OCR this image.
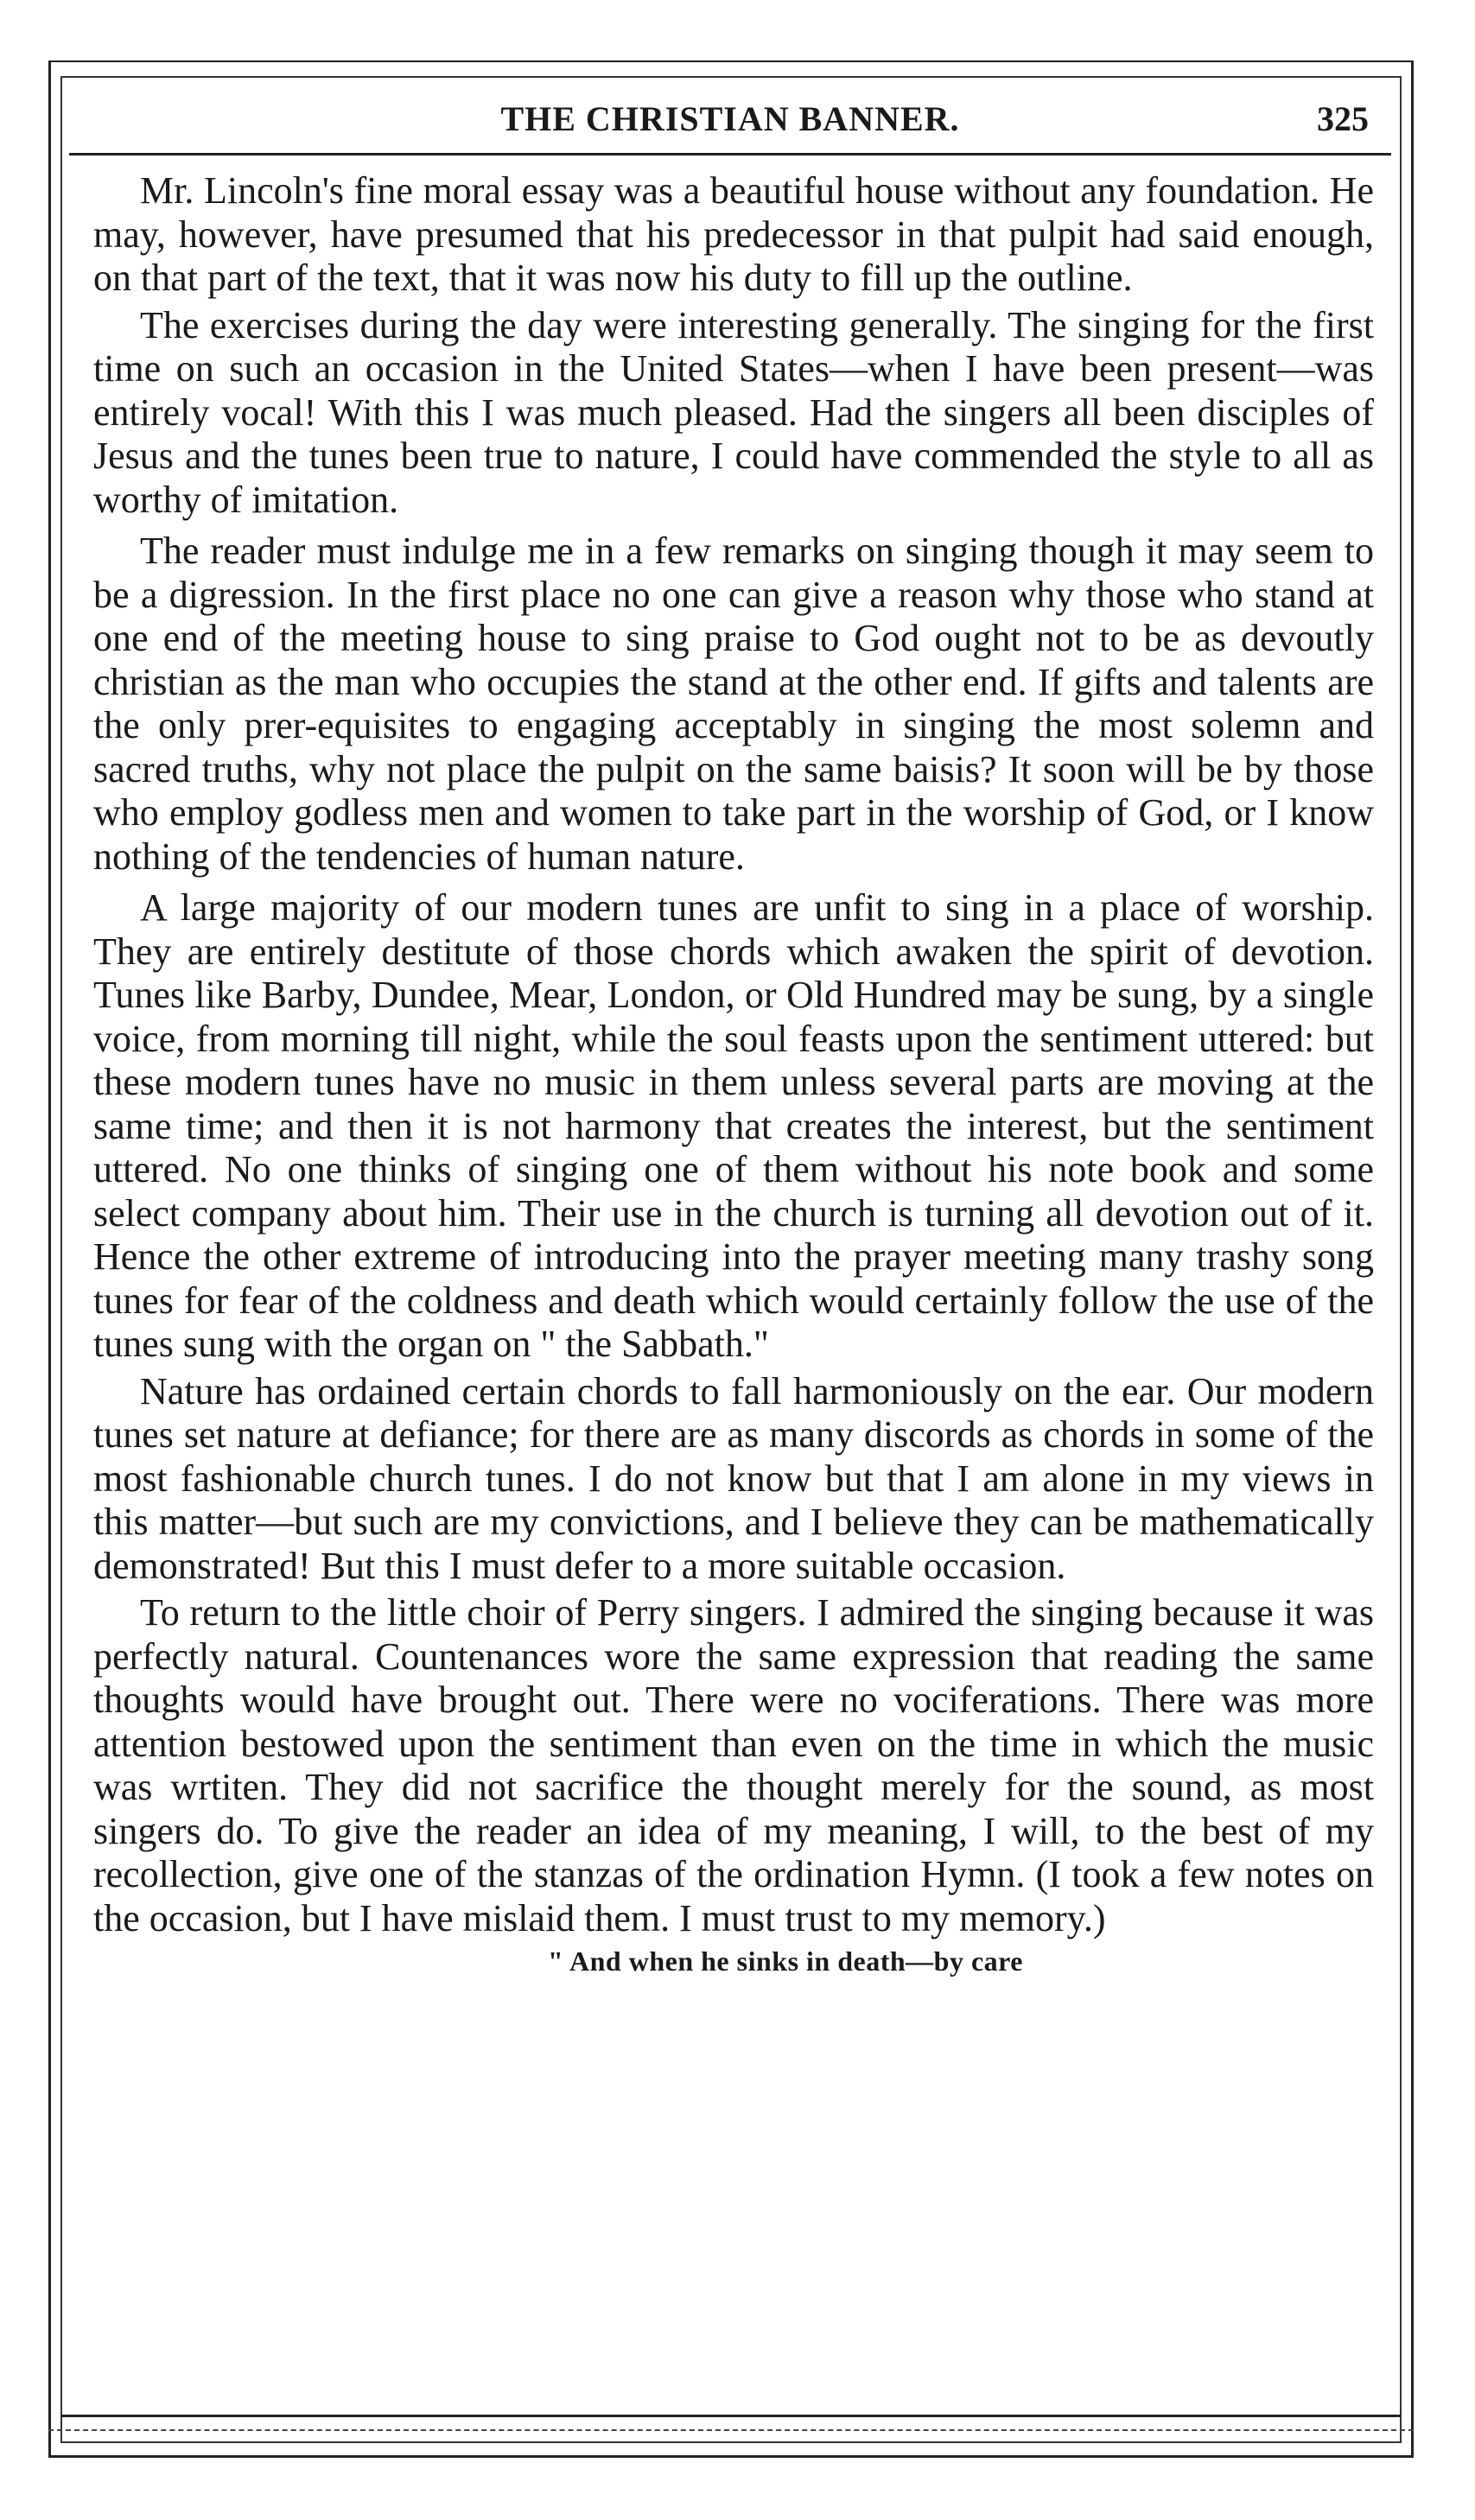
THE CHRISTIAN BANNER.	325

Mr. Lincoln's fine moral essay was a beautiful house without any foundation. He may, however, have presumed that his predecessor in that pulpit had said enough, on that part of the text, that it was now his duty to fill up the outline.

The exercises during the day were interesting generally. The singing for the first time on such an occasion in the United States—when I have been present—was entirely vocal! With this I was much pleased. Had the singers all been disciples of Jesus and the tunes been true to nature, I could have commended the style to all as worthy of imitation.

The reader must indulge me in a few remarks on singing though it may seem to be a digression. In the first place no one can give a reason why those who stand at one end of the meeting house to sing praise to God ought not to be as devoutly christian as the man who occupies the stand at the other end. If gifts and talents are the only prer-equisites to engaging acceptably in singing the most solemn and sacred truths, why not place the pulpit on the same baisis? It soon will be by those who employ godless men and women to take part in the worship of God, or I know nothing of the tendencies of human nature.

A large majority of our modern tunes are unfit to sing in a place of worship. They are entirely destitute of those chords which awaken the spirit of devotion. Tunes like Barby, Dundee, Mear, London, or Old Hundred may be sung, by a single voice, from morning till night, while the soul feasts upon the sentiment uttered: but these modern tunes have no music in them unless several parts are moving at the same time; and then it is not harmony that creates the interest, but the sentiment uttered. No one thinks of singing one of them without his note book and some select company about him. Their use in the church is turning all devotion out of it. Hence the other extreme of introducing into the prayer meeting many trashy song tunes for fear of the coldness and death which would certainly follow the use of the tunes sung with the organ on " the Sabbath."

Nature has ordained certain chords to fall harmoniously on the ear. Our modern tunes set nature at defiance; for there are as many discords as chords in some of the most fashionable church tunes. I do not know but that I am alone in my views in this matter—but such are my convictions, and I believe they can be mathematically demonstrated! But this I must defer to a more suitable occasion.

To return to the little choir of Perry singers. I admired the singing because it was perfectly natural. Countenances wore the same expression that reading the same thoughts would have brought out. There were no vociferations. There was more attention bestowed upon the sentiment than even on the time in which the music was wrtiten. They did not sacrifice the thought merely for the sound, as most singers do. To give the reader an idea of my meaning, I will, to the best of my recollection, give one of the stanzas of the ordination Hymn. (I took a few notes on the occasion, but I have mislaid them. I must trust to my memory.)

" And when he sinks in death—by care
